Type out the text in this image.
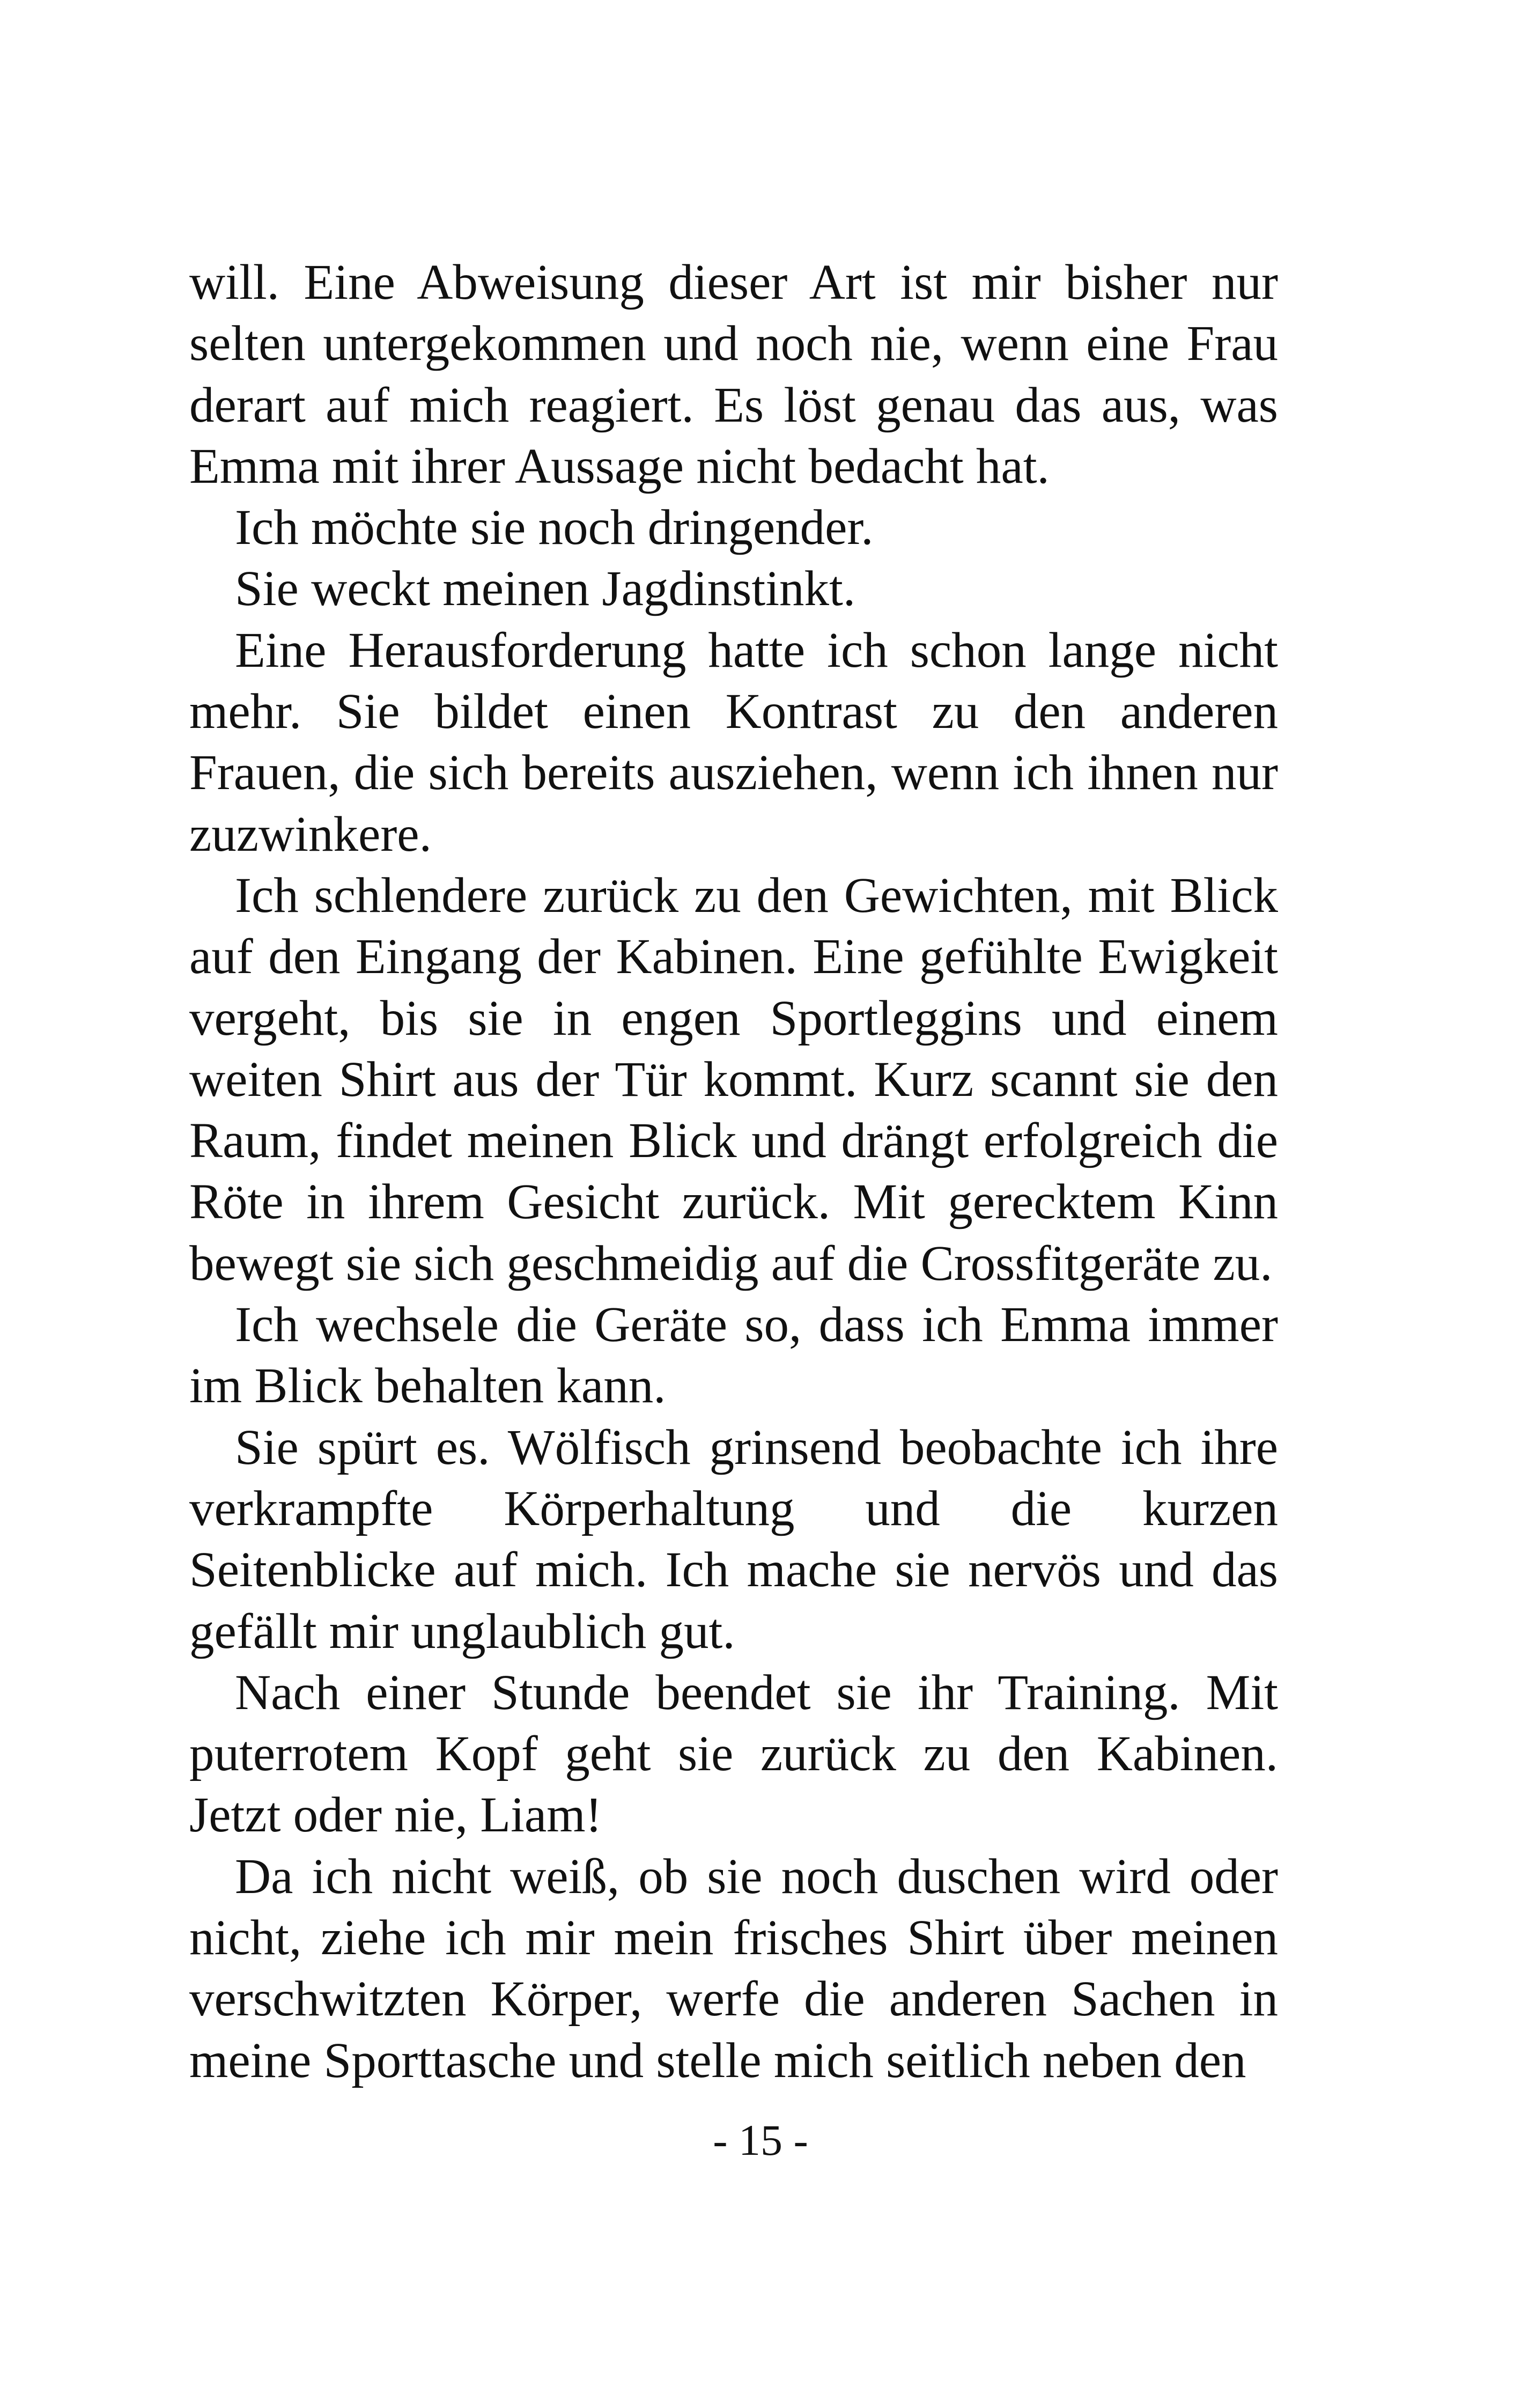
will. Eine Abweisung dieser Art ist mir bisher nur selten untergekommen und noch nie, wenn eine Frau derart auf mich reagiert. Es löst genau das aus, was Emma mit ihrer Aussage nicht bedacht hat.

Ich möchte sie noch dringender.

Sie weckt meinen Jagdinstinkt.

Eine Herausforderung hatte ich schon lange nicht mehr. Sie bildet einen Kontrast zu den anderen Frauen, die sich bereits ausziehen, wenn ich ihnen nur zuzwinkere.

Ich schlendere zurück zu den Gewichten, mit Blick auf den Eingang der Kabinen. Eine gefühlte Ewigkeit vergeht, bis sie in engen Sportleggins und einem weiten Shirt aus der Tür kommt. Kurz scannt sie den Raum, findet meinen Blick und drängt erfolgreich die Röte in ihrem Gesicht zurück. Mit gerecktem Kinn bewegt sie sich geschmeidig auf die Crossfitgeräte zu.

Ich wechsele die Geräte so, dass ich Emma immer im Blick behalten kann.

Sie spürt es. Wölfisch grinsend beobachte ich ihre verkrampfte Körperhaltung und die kurzen Seitenblicke auf mich. Ich mache sie nervös und das gefällt mir unglaublich gut.

Nach einer Stunde beendet sie ihr Training. Mit puterrotem Kopf geht sie zurück zu den Kabinen. Jetzt oder nie, Liam!

Da ich nicht weiß, ob sie noch duschen wird oder nicht, ziehe ich mir mein frisches Shirt über meinen verschwitzten Körper, werfe die anderen Sachen in meine Sporttasche und stelle mich seitlich neben den

- 15 -
